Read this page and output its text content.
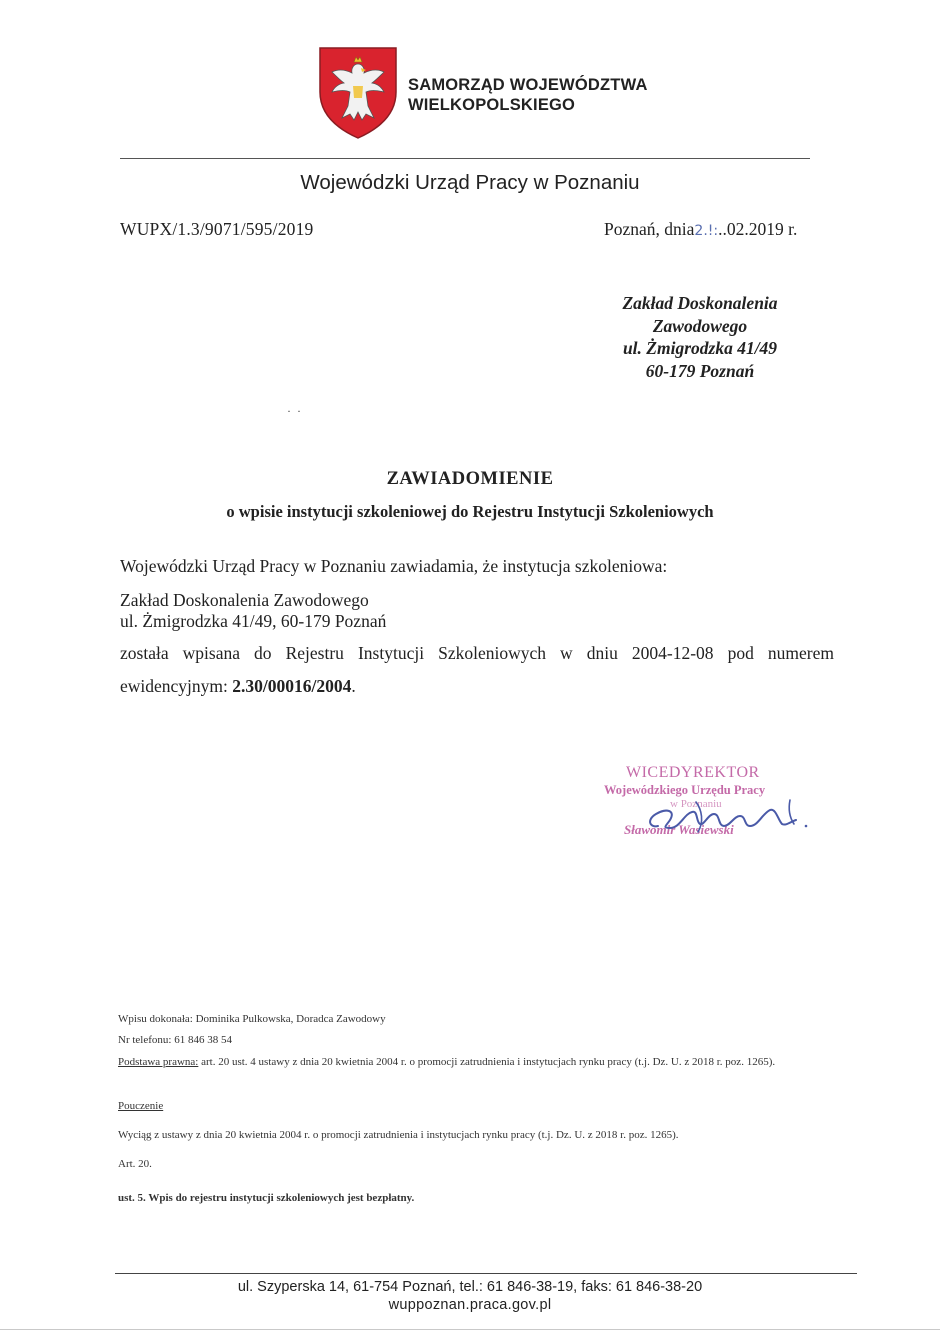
SAMORZĄD WOJEWÓDZTWA
WIELKOPOLSKIEGO
Wojewódzki Urząd Pracy w Poznaniu
WUPX/1.3/9071/595/2019	Poznań, dnia2.!:..02.2019 r.
Zakład Doskonalenia
Zawodowego
ul. Żmigrodzka 41/49
60-179 Poznań
··
ZAWIADOMIENIE
o wpisie instytucji szkoleniowej do Rejestru Instytucji Szkoleniowych
Wojewódzki Urząd Pracy w Poznaniu zawiadamia, że instytucja szkoleniowa:
Zakład Doskonalenia Zawodowego
ul. Żmigrodzka 41/49, 60-179 Poznań
została wpisana do Rejestru Instytucji Szkoleniowych w dniu 2004-12-08 pod numerem
ewidencyjnym: 2.30/00016/2004.
WICEDYREKTOR
Wojewódzkiego Urzędu Pracy
w Poznaniu
Sławomir Wasiewski
Wpisu dokonała: Dominika Pulkowska, Doradca Zawodowy
Nr telefonu: 61 846 38 54
Podstawa prawna: art. 20 ust. 4 ustawy z dnia 20 kwietnia 2004 r. o promocji zatrudnienia i instytucjach rynku pracy (t.j. Dz. U. z 2018 r. poz. 1265).
Pouczenie
Wyciąg z ustawy z dnia 20 kwietnia 2004 r. o promocji zatrudnienia i instytucjach rynku pracy (t.j. Dz. U. z 2018 r. poz. 1265).
Art. 20.
ust. 5. Wpis do rejestru instytucji szkoleniowych jest bezpłatny.
ul. Szyperska 14, 61-754 Poznań, tel.: 61 846-38-19, faks: 61 846-38-20
wuppoznan.praca.gov.pl
